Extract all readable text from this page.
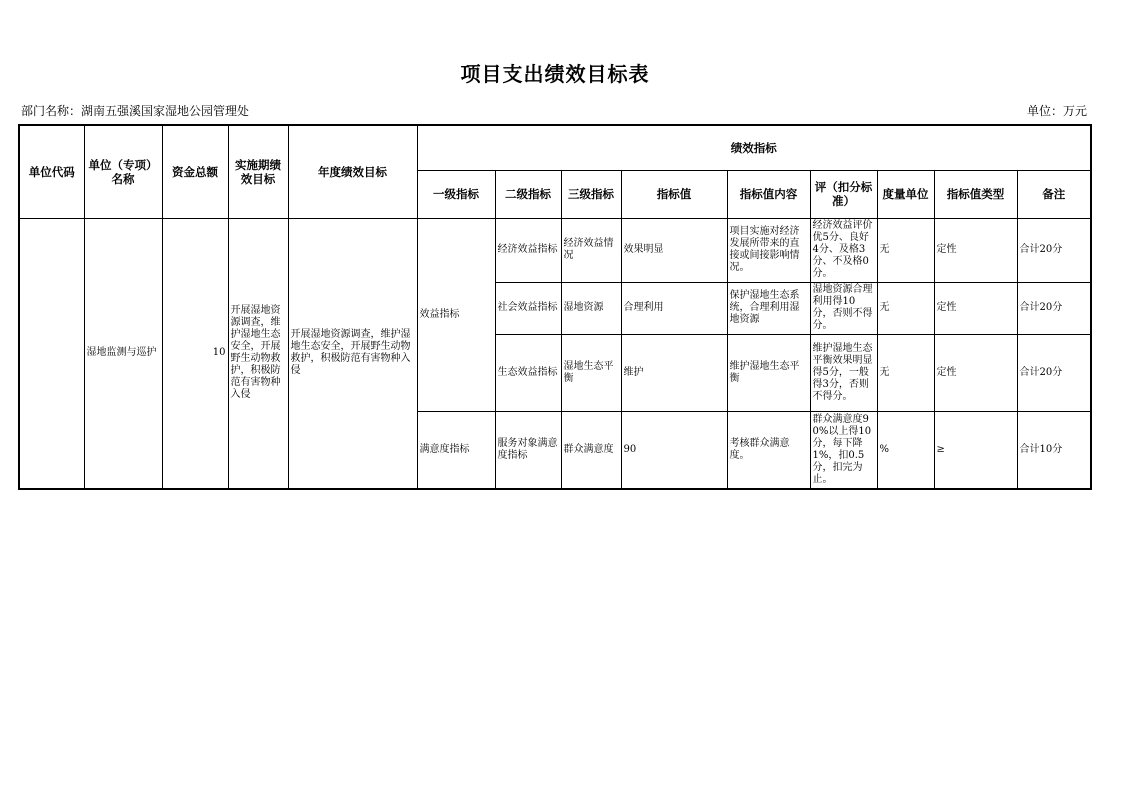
项目支出绩效目标表
部门名称：湖南五强溪国家湿地公园管理处	单位：万元
单位代码	单位（专项）名称	资金总额	实施期绩效目标	年度绩效目标	绩效指标								
					一级指标	二级指标	三级指标	指标值	指标值内容	评（扣分标准）	度量单位	指标值类型	备注
	湿地监测与巡护	10	开展湿地资源调查，维护湿地生态安全，开展野生动物救护，积极防范有害物种入侵	开展湿地资源调查，维护湿地生态安全，开展野生动物救护，积极防范有害物种入侵	效益指标	经济效益指标	经济效益情况	效果明显	项目实施对经济发展所带来的直接或间接影响情况。	经济效益评价优5分、良好4分、及格3分、不及格0分。	无	定性	合计20分
						社会效益指标	湿地资源	合理利用	保护湿地生态系统，合理利用湿地资源	湿地资源合理利用得10分，否则不得分。	无	定性	合计20分
						生态效益指标	湿地生态平衡	维护	维护湿地生态平衡	维护湿地生态平衡效果明显得5分，一般得3分，否则不得分。	无	定性	合计20分
					满意度指标	服务对象满意度指标	群众满意度	90	考核群众满意度。	群众满意度90%以上得10分，每下降1%，扣0.5分，扣完为止。	%	≥	合计10分
